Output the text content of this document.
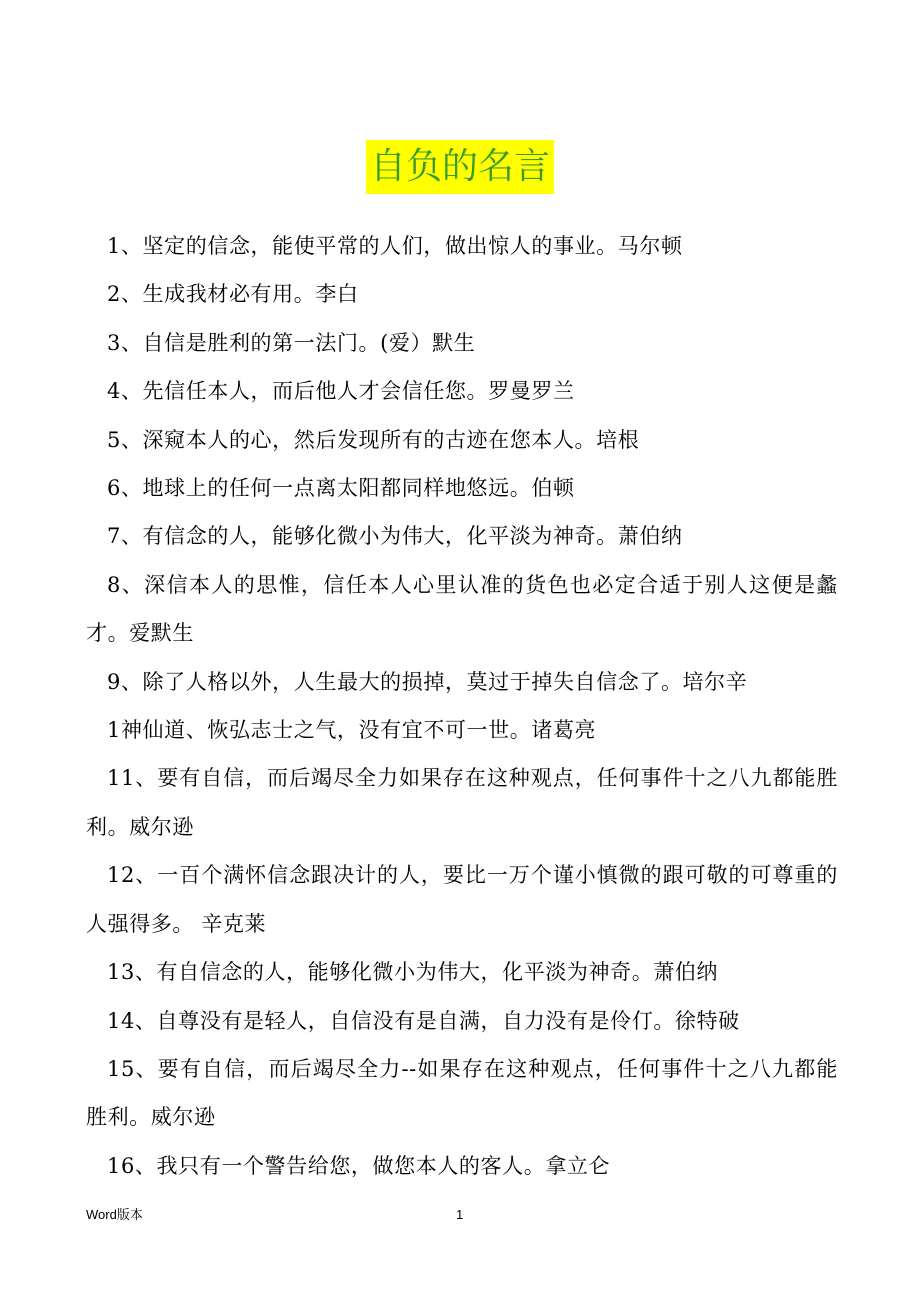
自负的名言

1、坚定的信念，能使平常的人们，做出惊人的事业。马尔顿

2、生成我材必有用。李白

3、自信是胜利的第一法门。(爱）默生

4、先信任本人，而后他人才会信任您。罗曼罗兰

5、深窥本人的心，然后发现所有的古迹在您本人。培根

6、地球上的任何一点离太阳都同样地悠远。伯顿

7、有信念的人，能够化微小为伟大，化平淡为神奇。萧伯纳

8、深信本人的思惟，信任本人心里认准的货色也必定合适于别人这便是蠡才。爱默生

9、除了人格以外，人生最大的损掉，莫过于掉失自信念了。培尔辛

1神仙道、恢弘志士之气，没有宜不可一世。诸葛亮

11、要有自信，而后竭尽全力如果存在这种观点，任何事件十之八九都能胜利。威尔逊

12、一百个满怀信念跟决计的人，要比一万个谨小慎微的跟可敬的可尊重的人强得多。 辛克莱

13、有自信念的人，能够化微小为伟大，化平淡为神奇。萧伯纳

14、自尊没有是轻人，自信没有是自满，自力没有是伶仃。徐特破

15、要有自信，而后竭尽全力--如果存在这种观点，任何事件十之八九都能胜利。威尔逊

16、我只有一个警告给您，做您本人的客人。拿立仑

Word版本	1
